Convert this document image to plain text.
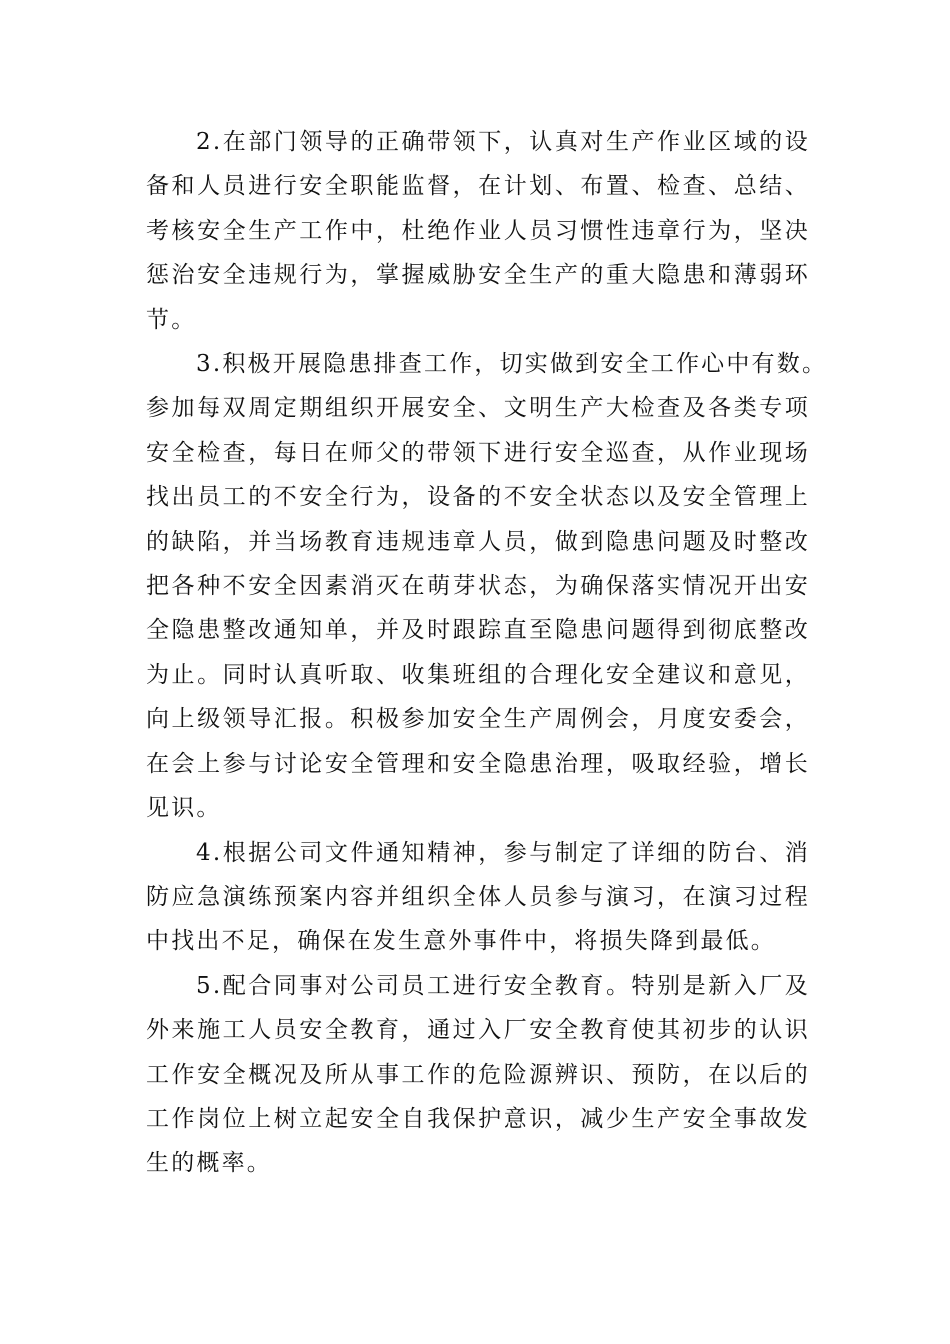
2.在部门领导的正确带领下，认真对生产作业区域的设
备和人员进行安全职能监督，在计划、布置、检查、总结、
考核安全生产工作中，杜绝作业人员习惯性违章行为，坚决
惩治安全违规行为，掌握威胁安全生产的重大隐患和薄弱环
节。
3.积极开展隐患排查工作，切实做到安全工作心中有数。
参加每双周定期组织开展安全、文明生产大检查及各类专项
安全检查，每日在师父的带领下进行安全巡查，从作业现场
找出员工的不安全行为，设备的不安全状态以及安全管理上
的缺陷，并当场教育违规违章人员，做到隐患问题及时整改
把各种不安全因素消灭在萌芽状态，为确保落实情况开出安
全隐患整改通知单，并及时跟踪直至隐患问题得到彻底整改
为止。同时认真听取、收集班组的合理化安全建议和意见，
向上级领导汇报。积极参加安全生产周例会，月度安委会，
在会上参与讨论安全管理和安全隐患治理，吸取经验，增长
见识。
4.根据公司文件通知精神，参与制定了详细的防台、消
防应急演练预案内容并组织全体人员参与演习，在演习过程
中找出不足，确保在发生意外事件中，将损失降到最低。
5.配合同事对公司员工进行安全教育。特别是新入厂及
外来施工人员安全教育，通过入厂安全教育使其初步的认识
工作安全概况及所从事工作的危险源辨识、预防，在以后的
工作岗位上树立起安全自我保护意识，减少生产安全事故发
生的概率。
